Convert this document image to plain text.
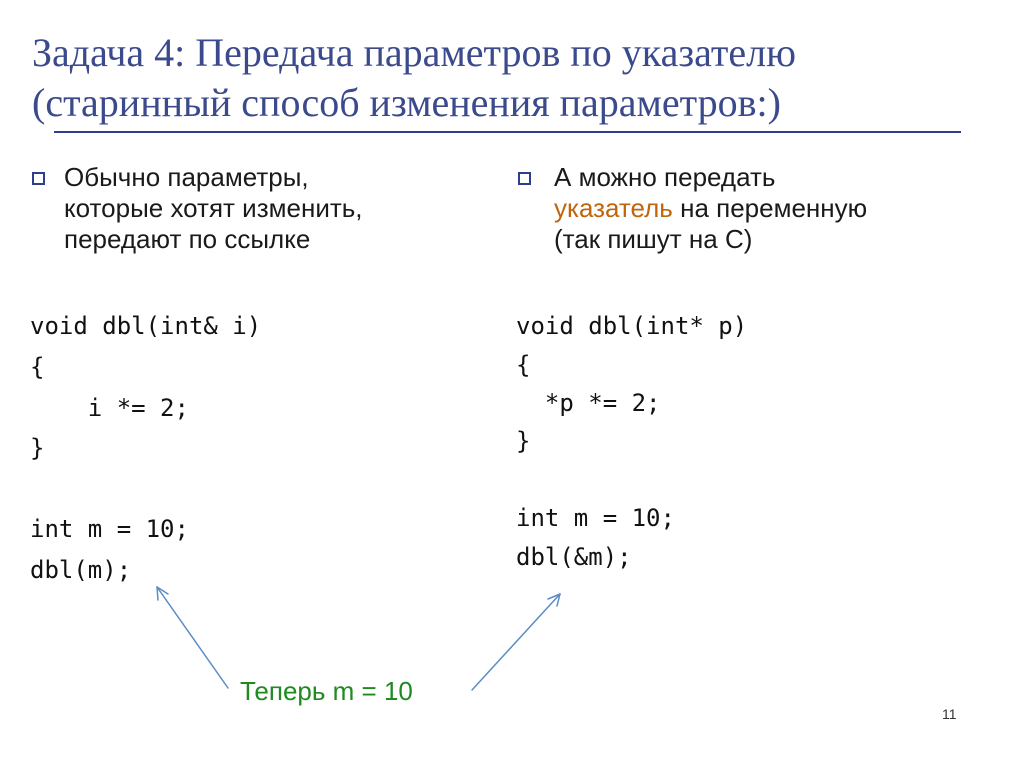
Задача 4: Передача параметров по указателю
(старинный способ изменения параметров:)
Обычно параметры,
которые хотят изменить,
передают по ссылке
А можно передать
указатель на переменную
(так пишут на С)

void dbl(int& i)

{

i *= 2;

}

int m = 10;

dbl(m);

void dbl(int* p)

{

*p *= 2;

}

int m = 10;

dbl(&m);

Теперь m = 10
11
